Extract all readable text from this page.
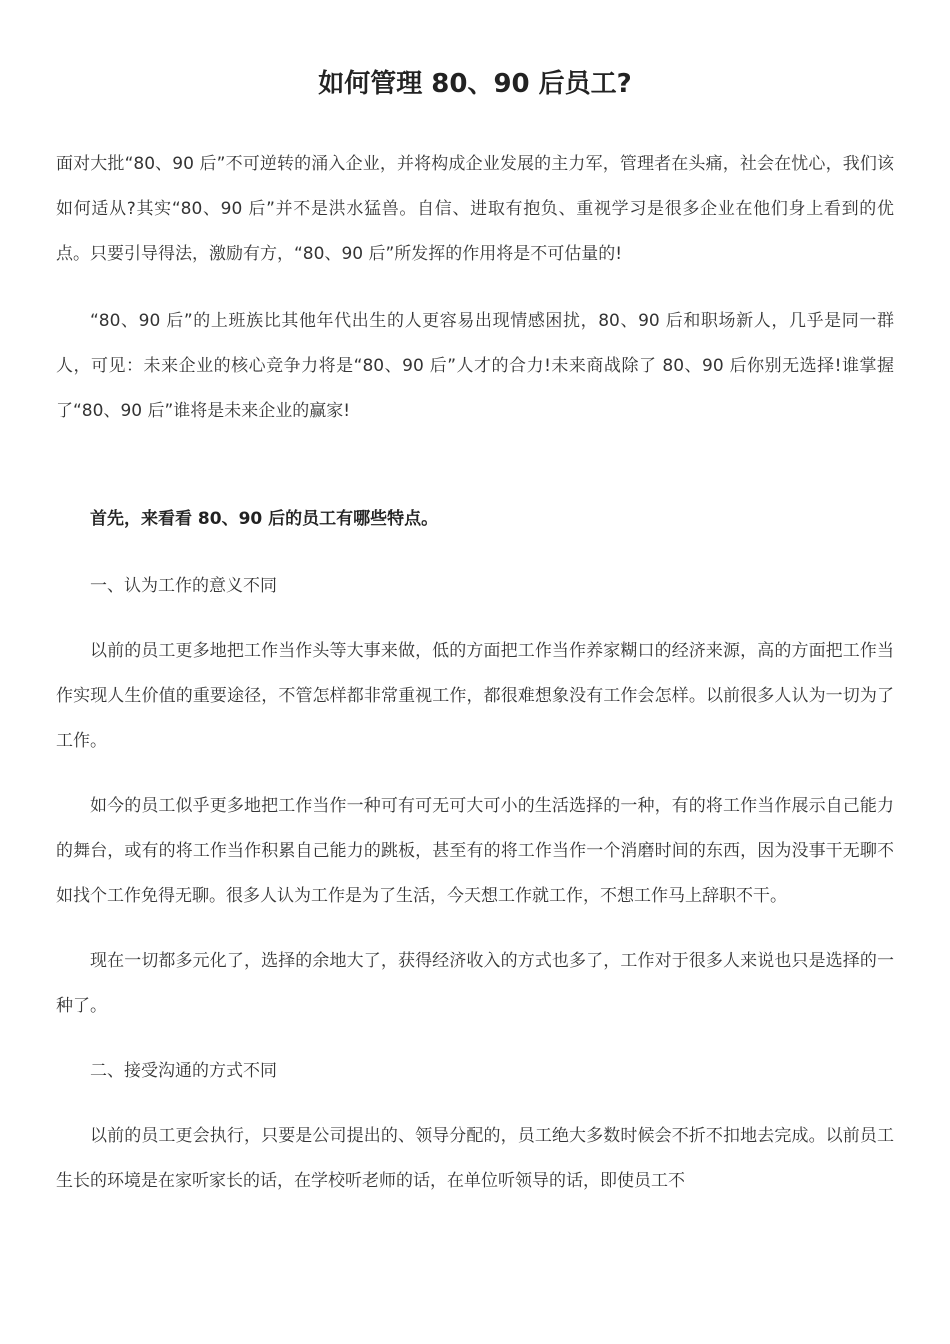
如何管理 80、90 后员工?

面对大批“80、90 后”不可逆转的涌入企业，并将构成企业发展的主力军，管理者在头痛，社会在忧心，我们该如何适从?其实“80、90 后”并不是洪水猛兽。自信、进取有抱负、重视学习是很多企业在他们身上看到的优点。只要引导得法，激励有方，“80、90 后”所发挥的作用将是不可估量的!

“80、90 后”的上班族比其他年代出生的人更容易出现情感困扰，80、90 后和职场新人，几乎是同一群人，可见：未来企业的核心竞争力将是“80、90 后”人才的合力!未来商战除了 80、90 后你别无选择!谁掌握了“80、90 后”谁将是未来企业的赢家!

首先，来看看 80、90 后的员工有哪些特点。

一、认为工作的意义不同

以前的员工更多地把工作当作头等大事来做，低的方面把工作当作养家糊口的经济来源，高的方面把工作当作实现人生价值的重要途径，不管怎样都非常重视工作，都很难想象没有工作会怎样。以前很多人认为一切为了工作。

如今的员工似乎更多地把工作当作一种可有可无可大可小的生活选择的一种，有的将工作当作展示自己能力的舞台，或有的将工作当作积累自己能力的跳板，甚至有的将工作当作一个消磨时间的东西，因为没事干无聊不如找个工作免得无聊。很多人认为工作是为了生活，今天想工作就工作，不想工作马上辞职不干。

现在一切都多元化了，选择的余地大了，获得经济收入的方式也多了，工作对于很多人来说也只是选择的一种了。

二、接受沟通的方式不同

以前的员工更会执行，只要是公司提出的、领导分配的，员工绝大多数时候会不折不扣地去完成。以前员工生长的环境是在家听家长的话，在学校听老师的话，在单位听领导的话，即使员工不
